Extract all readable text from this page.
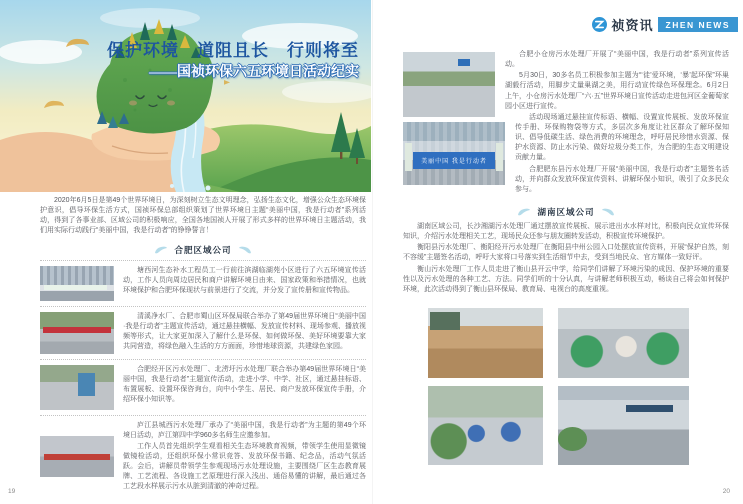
保护环境　道阻且长　行则将至
——国祯环保六五环境日活动纪实

2020年6月5日是第49个世界环境日，为深刻树立生态文明理念，弘扬生态文化，增强公众生态环境保护意识，倡导环保生活方式，国祯环保总部组织策划了世界环境日主题“美丽中国，我是行动者”系列活动，得到了各事业部、区域公司的积极响应，全国各地国祯人开展了形式多样的世界环境日主题活动，我们用实际行动践行“美丽中国，我是行动者”的铮铮誓言！

合肥区域公司

塘西河生态补水工程员工一行前往滨湖临湖苑小区进行了六五环境宣传活动，工作人员向周边居民和商户讲解环境日由来、国家政策和举措情况，也就环境保护和合肥环保现状与前景进行了交流，并分发了宣传册和宣传物品。

清溪净水厂、合肥市蜀山区环保局联合举办了第49届世界环境日“美丽中国·我是行动者”主题宣传活动，通过悬挂横幅、发放宣传材料、现场参观、播放视频等形式，让大家更加深入了解什么是环保、如何做环保、美好环境要靠大家共同营造，将绿色融入生活的方方面面，珍惜地球资源，共建绿色家园。

合肥经开区污水处理厂、北涝圩污水处理厂联合举办第49届世界环境日“美丽中国，我是行动者”主题宣传活动，走进小学、中学、社区，通过悬挂标语、布置展板、设置环保咨询台，向中小学生、居民、商户发放环保宣传手册，介绍环保小知识等。

庐江县城西污水处理厂承办了“美丽中国，我是行动者”为主题的第49个环境日活动，庐江第四中学960多名师生应邀参加。

工作人员首先组织学生观看相关生态环境教育视频，带领学生使用显微镜做镜检活动，还组织环保小常识竞答、发放环保书籍、纪念品，活动气氛活跃。会后，讲解员带领学生参观现场污水处理设施，主要围绕厂区生态教育展牌、工艺流程、各设施工艺原理进行深入浅出、通俗易懂的讲解，最后通过各工艺段水样展示污水从脏到清澈的神奇过程。

19
祯资讯	ZHEN NEWS
美丽中国 我是行动者

合肥小仓房污水处理厂开展了“美丽中国，我是行动者”系列宣传活动。

5月30日，30多名员工积极参加主题为“‘徒’爱环境，‘暴’起环保”环巢湖毅行活动，用脚步丈量巢湖之美，用行动宣传绿色环保理念。6月2日上午，小仓房污水处理厂“六·五”世界环境日宣传活动走进包河区金葡萄家园小区进行宣传。

活动现场通过悬挂宣传标语、横幅、设置宣传展板、发放环保宣传手册、环保购物袋等方式，多层次多角度让社区群众了解环保知识、倡导低碳生活、绿色消费的环境理念，呼吁居民珍惜水资源、保护水资源、防止水污染、做好垃圾分类工作，为合肥的生态文明建设贡献力量。

合肥肥东县污水处理厂开展“美丽中国，我是行动者”主题签名活动，并向群众发放环保宣传资料、讲解环保小知识，吸引了众多民众参与。

湖南区域公司

湖南区域公司，长沙湘湖污水处理厂通过摆放宣传展板、展示进出水水样对比，积极向民众宣传环保知识，介绍污水处理相关工艺，现场民众还参与朋友圈转发活动，积极宣传环境保护。

衡阳县污水处理厂、衡阳经开污水处理厂在衡阳县中州公园入口处摆放宣传资料，开展“保护自然，刻不容缓”主题签名活动，呼吁大家将口号落实到生活细节中去，受到当地民众、官方媒体一致好评。

衡山污水处理厂工作人员走进了衡山县开云中学，给同学们讲解了环境污染的成因、保护环境的重要性以及污水处理的各种工艺、方法。同学们听的十分认真，与讲解老师积极互动，畅谈自己将会如何保护环境，此次活动得到了衡山县环保局、教育局、电视台的高度重视。

20
